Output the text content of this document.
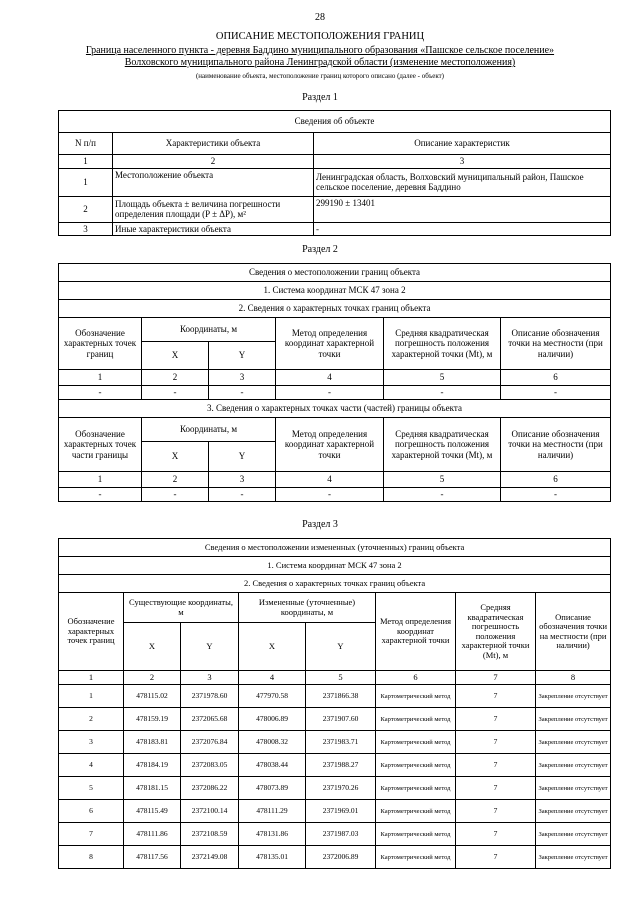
28
ОПИСАНИЕ МЕСТОПОЛОЖЕНИЯ ГРАНИЦ
Граница населенного пункта - деревня Баддино муниципального образования «Пашское сельское поселение»
Волховского муниципального района Ленинградской области (изменение местоположения)
(наименование объекта, местоположение границ которого описано (далее - объект)
Раздел 1
Сведения об объекте		
N п/п	Характеристики объекта	Описание характеристик
1	2	3
1	Местоположение объекта	Ленинградская область, Волховский муниципальный район, Пашское сельское поселение, деревня Баддино
2	Площадь объекта ± величина погрешности определения площади (P ± ΔP), м²	299190 ± 13401
3	Иные характеристики объекта	-
Раздел 2
Сведения о местоположении границ объекта					
1. Система координат МСК 47 зона 2					
2. Сведения о характерных точках границ объекта					
Обозначение характерных точек границ	Координаты, м		Метод определения координат характерной точки	Средняя квадратическая погрешность положения характерной точки (Mt), м	Описание обозначения точки на местности (при наличии)
	X	Y			
1	2	3	4	5	6
-	-	-	-	-	-
3. Сведения о характерных точках части (частей) границы объекта					
Обозначение характерных точек части границы	Координаты, м		Метод определения координат характерной точки	Средняя квадратическая погрешность положения характерной точки (Mt), м	Описание обозначения точки на местности (при наличии)
	X	Y			
1	2	3	4	5	6
-	-	-	-	-	-
Раздел 3
Сведения о местоположении измененных (уточненных) границ объекта							
1. Система координат МСК 47 зона 2							
2. Сведения о характерных точках границ объекта							
Обозначение характерных точек границ	Существующие координаты, м		Измененные (уточненные) координаты, м		Метод определения координат характерной точки	Средняя квадратическая погрешность положения характерной точки (Mt), м	Описание обозначения точки на местности (при наличии)
	X	Y	X	Y			
1	2	3	4	5	6	7	8
1	478115.02	2371978.60	477970.58	2371866.38	Картометрический метод	7	Закрепление отсутствует
2	478159.19	2372065.68	478006.89	2371907.60	Картометрический метод	7	Закрепление отсутствует
3	478183.81	2372076.84	478008.32	2371983.71	Картометрический метод	7	Закрепление отсутствует
4	478184.19	2372083.05	478038.44	2371988.27	Картометрический метод	7	Закрепление отсутствует
5	478181.15	2372086.22	478073.89	2371970.26	Картометрический метод	7	Закрепление отсутствует
6	478115.49	2372100.14	478111.29	2371969.01	Картометрический метод	7	Закрепление отсутствует
7	478111.86	2372108.59	478131.86	2371987.03	Картометрический метод	7	Закрепление отсутствует
8	478117.56	2372149.08	478135.01	2372006.89	Картометрический метод	7	Закрепление отсутствует
